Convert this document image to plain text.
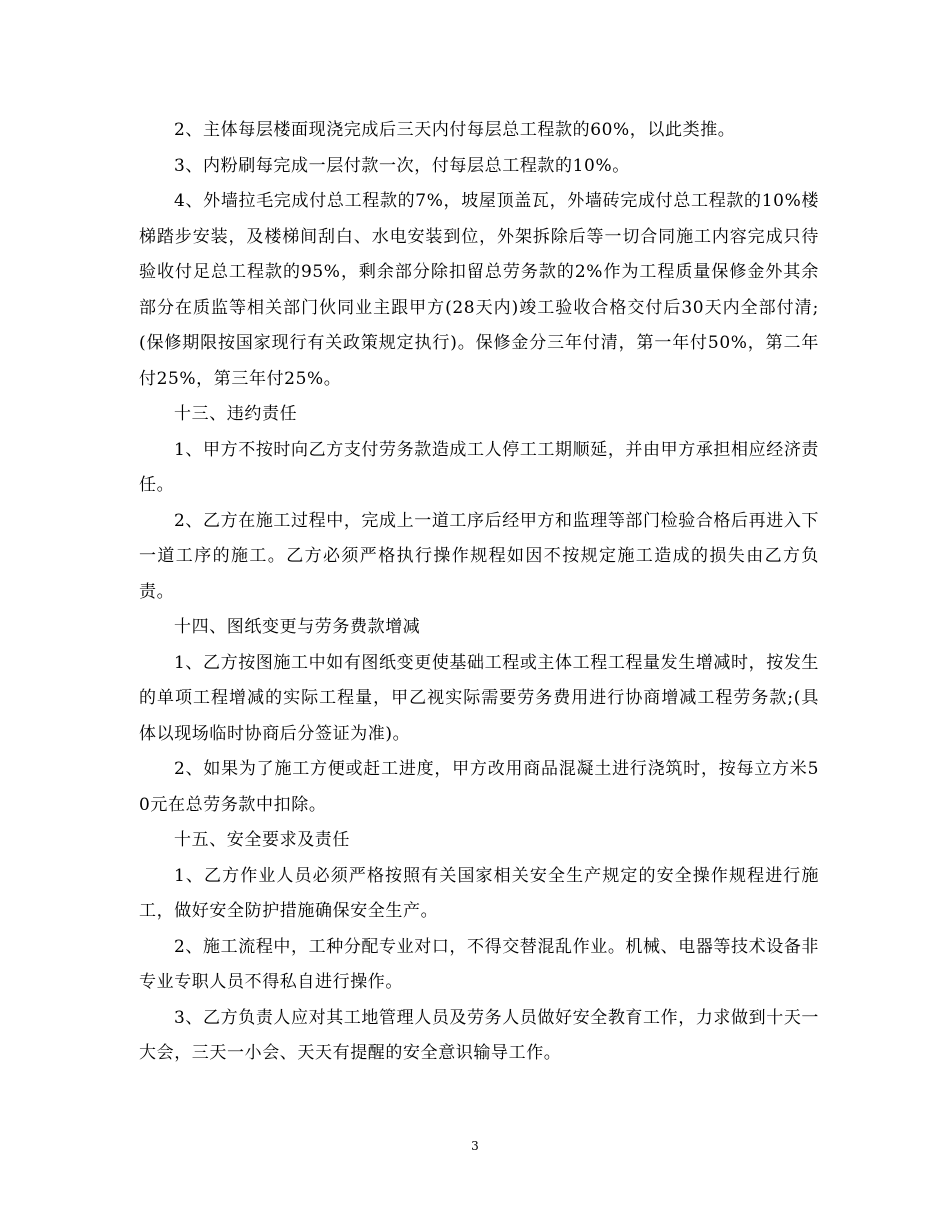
2、主体每层楼面现浇完成后三天内付每层总工程款的60%，以此类推。

3、内粉刷每完成一层付款一次，付每层总工程款的10%。

4、外墙拉毛完成付总工程款的7%，坡屋顶盖瓦，外墙砖完成付总工程款的10%楼梯踏步安装，及楼梯间刮白、水电安装到位，外架拆除后等一切合同施工内容完成只待验收付足总工程款的95%，剩余部分除扣留总劳务款的2%作为工程质量保修金外其余部分在质监等相关部门伙同业主跟甲方(28天内)竣工验收合格交付后30天内全部付清;(保修期限按国家现行有关政策规定执行)。保修金分三年付清，第一年付50%，第二年付25%，第三年付25%。

十三、违约责任

1、甲方不按时向乙方支付劳务款造成工人停工工期顺延，并由甲方承担相应经济责任。

2、乙方在施工过程中，完成上一道工序后经甲方和监理等部门检验合格后再进入下一道工序的施工。乙方必须严格执行操作规程如因不按规定施工造成的损失由乙方负责。

十四、图纸变更与劳务费款增减

1、乙方按图施工中如有图纸变更使基础工程或主体工程工程量发生增减时，按发生的单项工程增减的实际工程量，甲乙视实际需要劳务费用进行协商增减工程劳务款;(具体以现场临时协商后分签证为准)。

2、如果为了施工方便或赶工进度，甲方改用商品混凝土进行浇筑时，按每立方米50元在总劳务款中扣除。

十五、安全要求及责任

1、乙方作业人员必须严格按照有关国家相关安全生产规定的安全操作规程进行施工，做好安全防护措施确保安全生产。

2、施工流程中，工种分配专业对口，不得交替混乱作业。机械、电器等技术设备非专业专职人员不得私自进行操作。

3、乙方负责人应对其工地管理人员及劳务人员做好安全教育工作，力求做到十天一大会，三天一小会、天天有提醒的安全意识输导工作。

3
